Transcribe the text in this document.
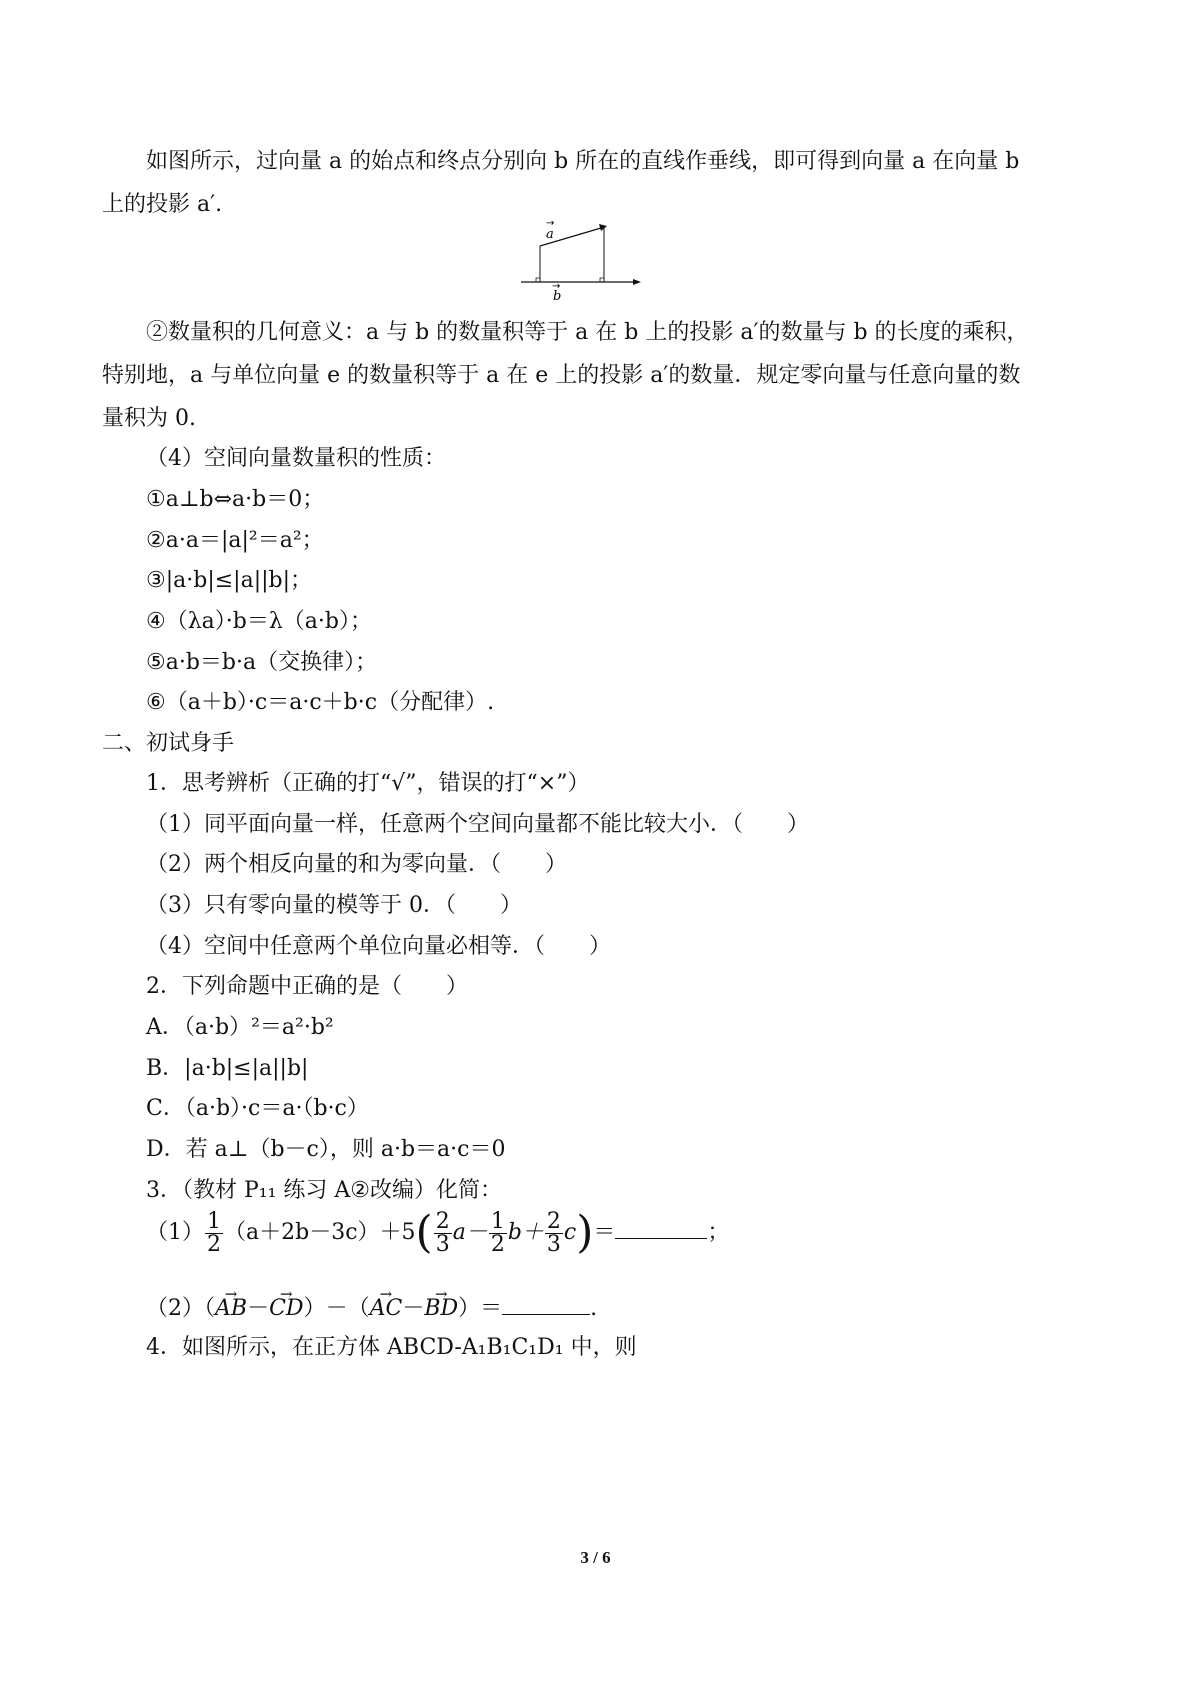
如图所示，过向量 a 的始点和终点分别向 b 所在的直线作垂线，即可得到向量 a 在向量 b
上的投影 a′.
a
→
b
→
②数量积的几何意义：a 与 b 的数量积等于 a 在 b 上的投影 a′的数量与 b 的长度的乘积，
特别地，a 与单位向量 e 的数量积等于 a 在 e 上的投影 a′的数量．规定零向量与任意向量的数
量积为 0.
（4）空间向量数量积的性质：
①a⊥b⇔a·b＝0；
②a·a＝|a|²＝a²；
③|a·b|≤|a||b|；
④（λa）·b＝λ（a·b）；
⑤a·b＝b·a（交换律）；
⑥（a＋b）·c＝a·c＋b·c（分配律）.
二、初试身手
1．思考辨析（正确的打“√”，错误的打“×”）
（1）同平面向量一样，任意两个空间向量都不能比较大小．（　　）
（2）两个相反向量的和为零向量．（　　）
（3）只有零向量的模等于 0．（　　）
（4）空间中任意两个单位向量必相等．（　　）
2．下列命题中正确的是（　　）
A．（a·b）²＝a²·b²
B．|a·b|≤|a||b|
C．（a·b）·c＝a·（b·c）
D．若 a⊥（b－c），则 a·b＝a·c＝0
3．（教材 P₁₁ 练习 A②改编）化简：
$(1) \frac{1}{2} (a+2b-3c)+5( \frac{2}{3} a- \frac{1}{2} b+ \frac{2}{3} c)=$	；
（2）（→ AB－→ CD）－（→ AC－→ BD）＝	.
4．如图所示，在正方体 ABCD-A₁B₁C₁D₁ 中，则
3 / 6
